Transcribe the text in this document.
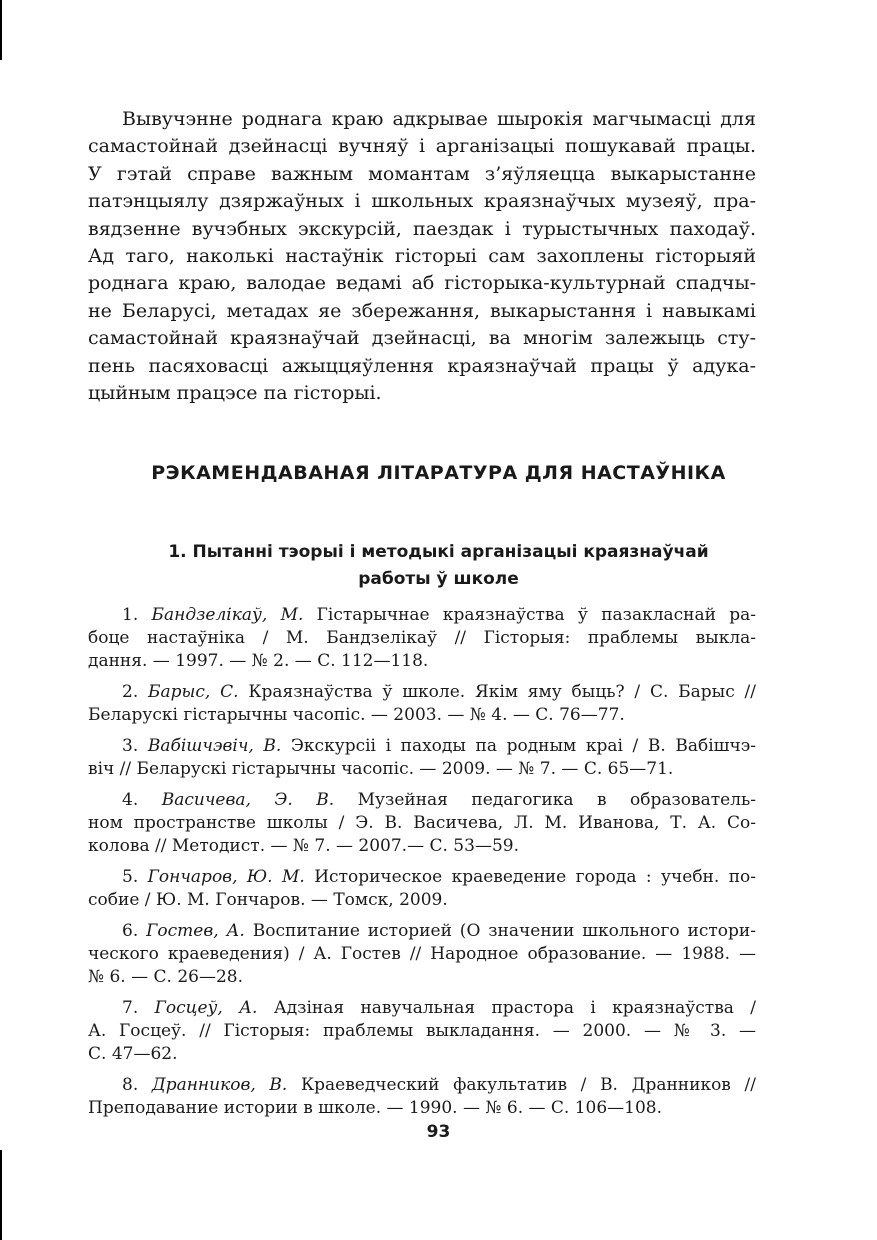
Вывучэнне роднага краю адкрывае шырокія магчымасці для
самастойнай дзейнасці вучняў і арганізацыі пошукавай працы.
У гэтай справе важным момантам з’яўляецца выкарыстанне
патэнцыялу дзяржаўных і школьных краязнаўчых музеяў, пра-
вядзенне вучэбных экскурсій, паездак і турыстычных паходаў.
Ад таго, наколькі настаўнік гісторыі сам захоплены гісторыяй
роднага краю, валодае ведамі аб гісторыка-культурнай спадчы-
не Беларусі, метадах яе збережання, выкарыстання і навыкамі
самастойнай краязнаўчай дзейнасці, ва многім залежыць сту-
пень пасяховасці ажыццяўлення краязнаўчай працы ў адука-
цыйным працэсе па гісторыі.
РЭКАМЕНДАВАНАЯ ЛІТАРАТУРА ДЛЯ НАСТАЎНІКА
1. Пытанні тэорыі і методыкі арганізацыі краязнаўчай
работы ў школе
1. Бандзелікаў, М. Гістарычнае краязнаўства ў пазакласнай ра-
боце настаўніка / М. Бандзелікаў // Гісторыя: праблемы выкла-
дання. — 1997. — № 2. — С. 112—118.
2. Барыс, С. Краязнаўства ў школе. Якім яму быць? / С. Барыс //
Беларускі гістарычны часопіс. — 2003. — № 4. — С. 76—77.
3. Вабішчэвіч, В. Экскурсіі і паходы па родным краі / В. Вабішчэ-
віч // Беларускі гістарычны часопіс. — 2009. — № 7. — С. 65—71.
4. Васичева, Э. В. Музейная педагогика в образователь-
ном пространстве школы / Э. В. Васичева, Л. М. Иванова, Т. А. Со-
колова // Методист. — № 7. — 2007.— С. 53—59.
5. Гончаров, Ю. М. Историческое краеведение города : учебн. по-
собие / Ю. М. Гончаров. — Томск, 2009.
6. Гостев, А. Воспитание историей (О значении школьного истори-
ческого краеведения) / А. Гостев // Народное образование. — 1988. —
№ 6. — С. 26—28.
7. Госцеў, А. Адзіная навучальная прастора і краязнаўства /
А. Госцеў. // Гісторыя: праблемы выкладання. — 2000. — № 3. —
С. 47—62.
8. Дранников, В. Краеведческий факультатив / В. Дранников //
Преподавание истории в школе. — 1990. — № 6. — С. 106—108.
93
